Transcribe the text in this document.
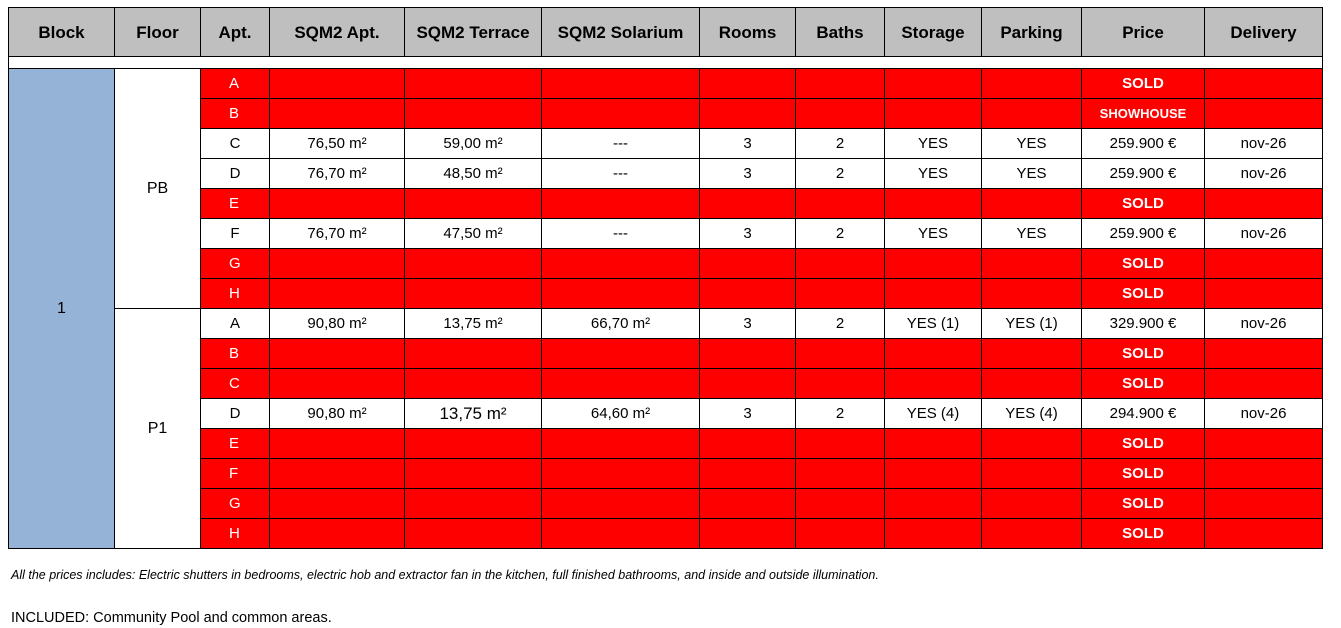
Block	Floor	Apt.	SQM2 Apt.	SQM2 Terrace	SQM2 Solarium	Rooms	Baths	Storage	Parking	Price	Delivery

1	PB	A								SOLD	
		B								SHOWHOUSE	
		C	76,50 m²	59,00 m²	---	3	2	YES	YES	259.900 €	nov-26
		D	76,70 m²	48,50 m²	---	3	2	YES	YES	259.900 €	nov-26
		E								SOLD	
		F	76,70 m²	47,50 m²	---	3	2	YES	YES	259.900 €	nov-26
		G								SOLD	
		H								SOLD	
	P1	A	90,80 m²	13,75 m²	66,70 m²	3	2	YES (1)	YES (1)	329.900 €	nov-26
		B								SOLD	
		C								SOLD	
		D	90,80 m²	13,75 m²	64,60 m²	3	2	YES (4)	YES (4)	294.900 €	nov-26
		E								SOLD	
		F								SOLD	
		G								SOLD	
		H								SOLD	
All the prices includes: Electric shutters in bedrooms, electric hob and extractor fan in the kitchen, full finished bathrooms, and inside and outside illumination.
INCLUDED: Community Pool and common areas.
